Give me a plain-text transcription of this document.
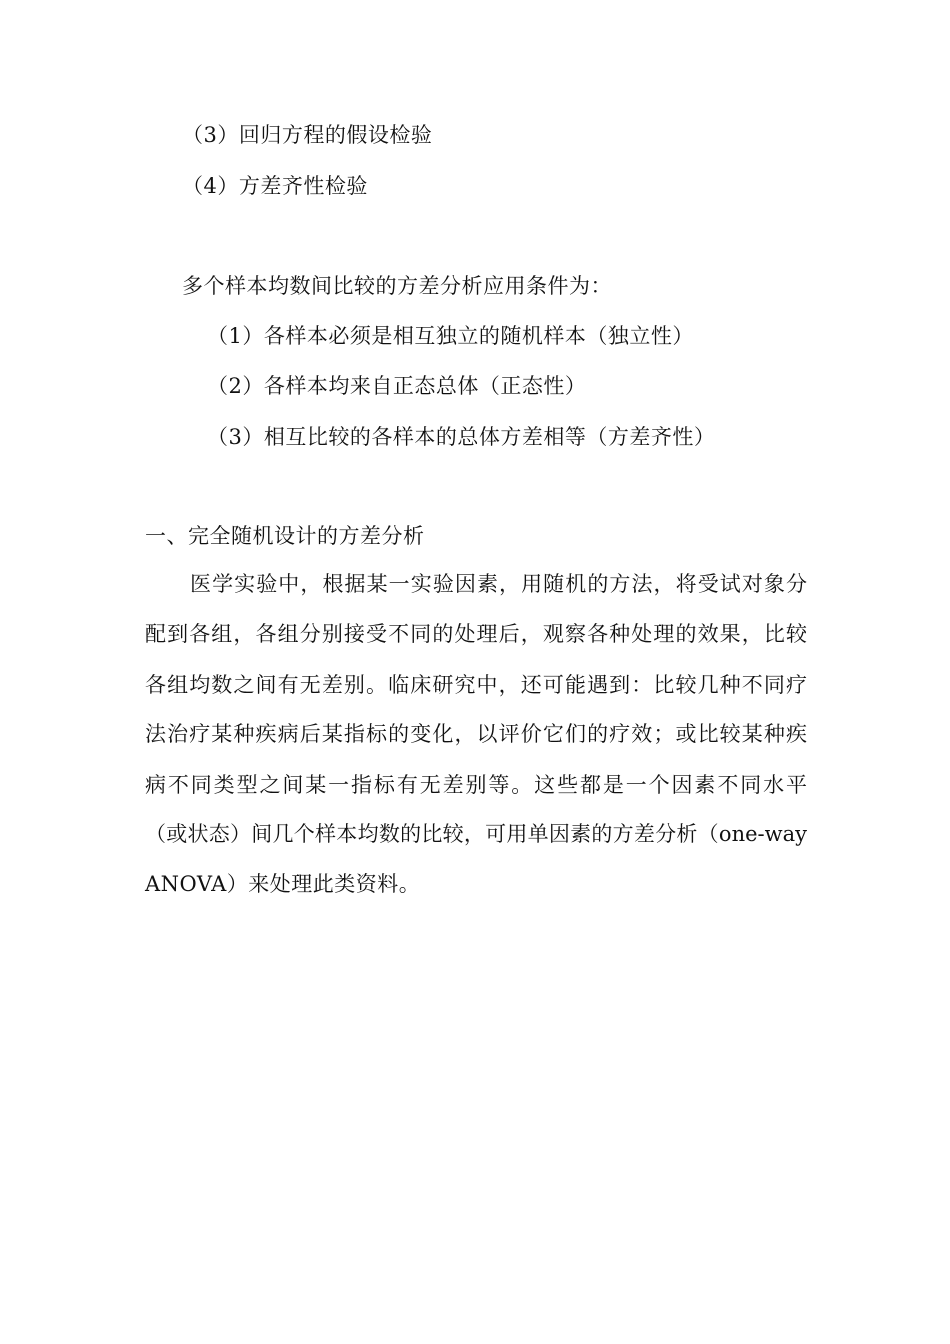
（3）回归方程的假设检验
（4）方差齐性检验
多个样本均数间比较的方差分析应用条件为：
（1）各样本必须是相互独立的随机样本（独立性）
（2）各样本均来自正态总体（正态性）
（3）相互比较的各样本的总体方差相等（方差齐性）
一、完全随机设计的方差分析
医学实验中，根据某一实验因素，用随机的方法，将受试对象分
配到各组，各组分别接受不同的处理后，观察各种处理的效果，比较
各组均数之间有无差别。临床研究中，还可能遇到：比较几种不同疗
法治疗某种疾病后某指标的变化，以评价它们的疗效；或比较某种疾
病不同类型之间某一指标有无差别等。这些都是一个因素不同水平
（或状态）间几个样本均数的比较，可用单因素的方差分析（one-way
ANOVA）来处理此类资料。
